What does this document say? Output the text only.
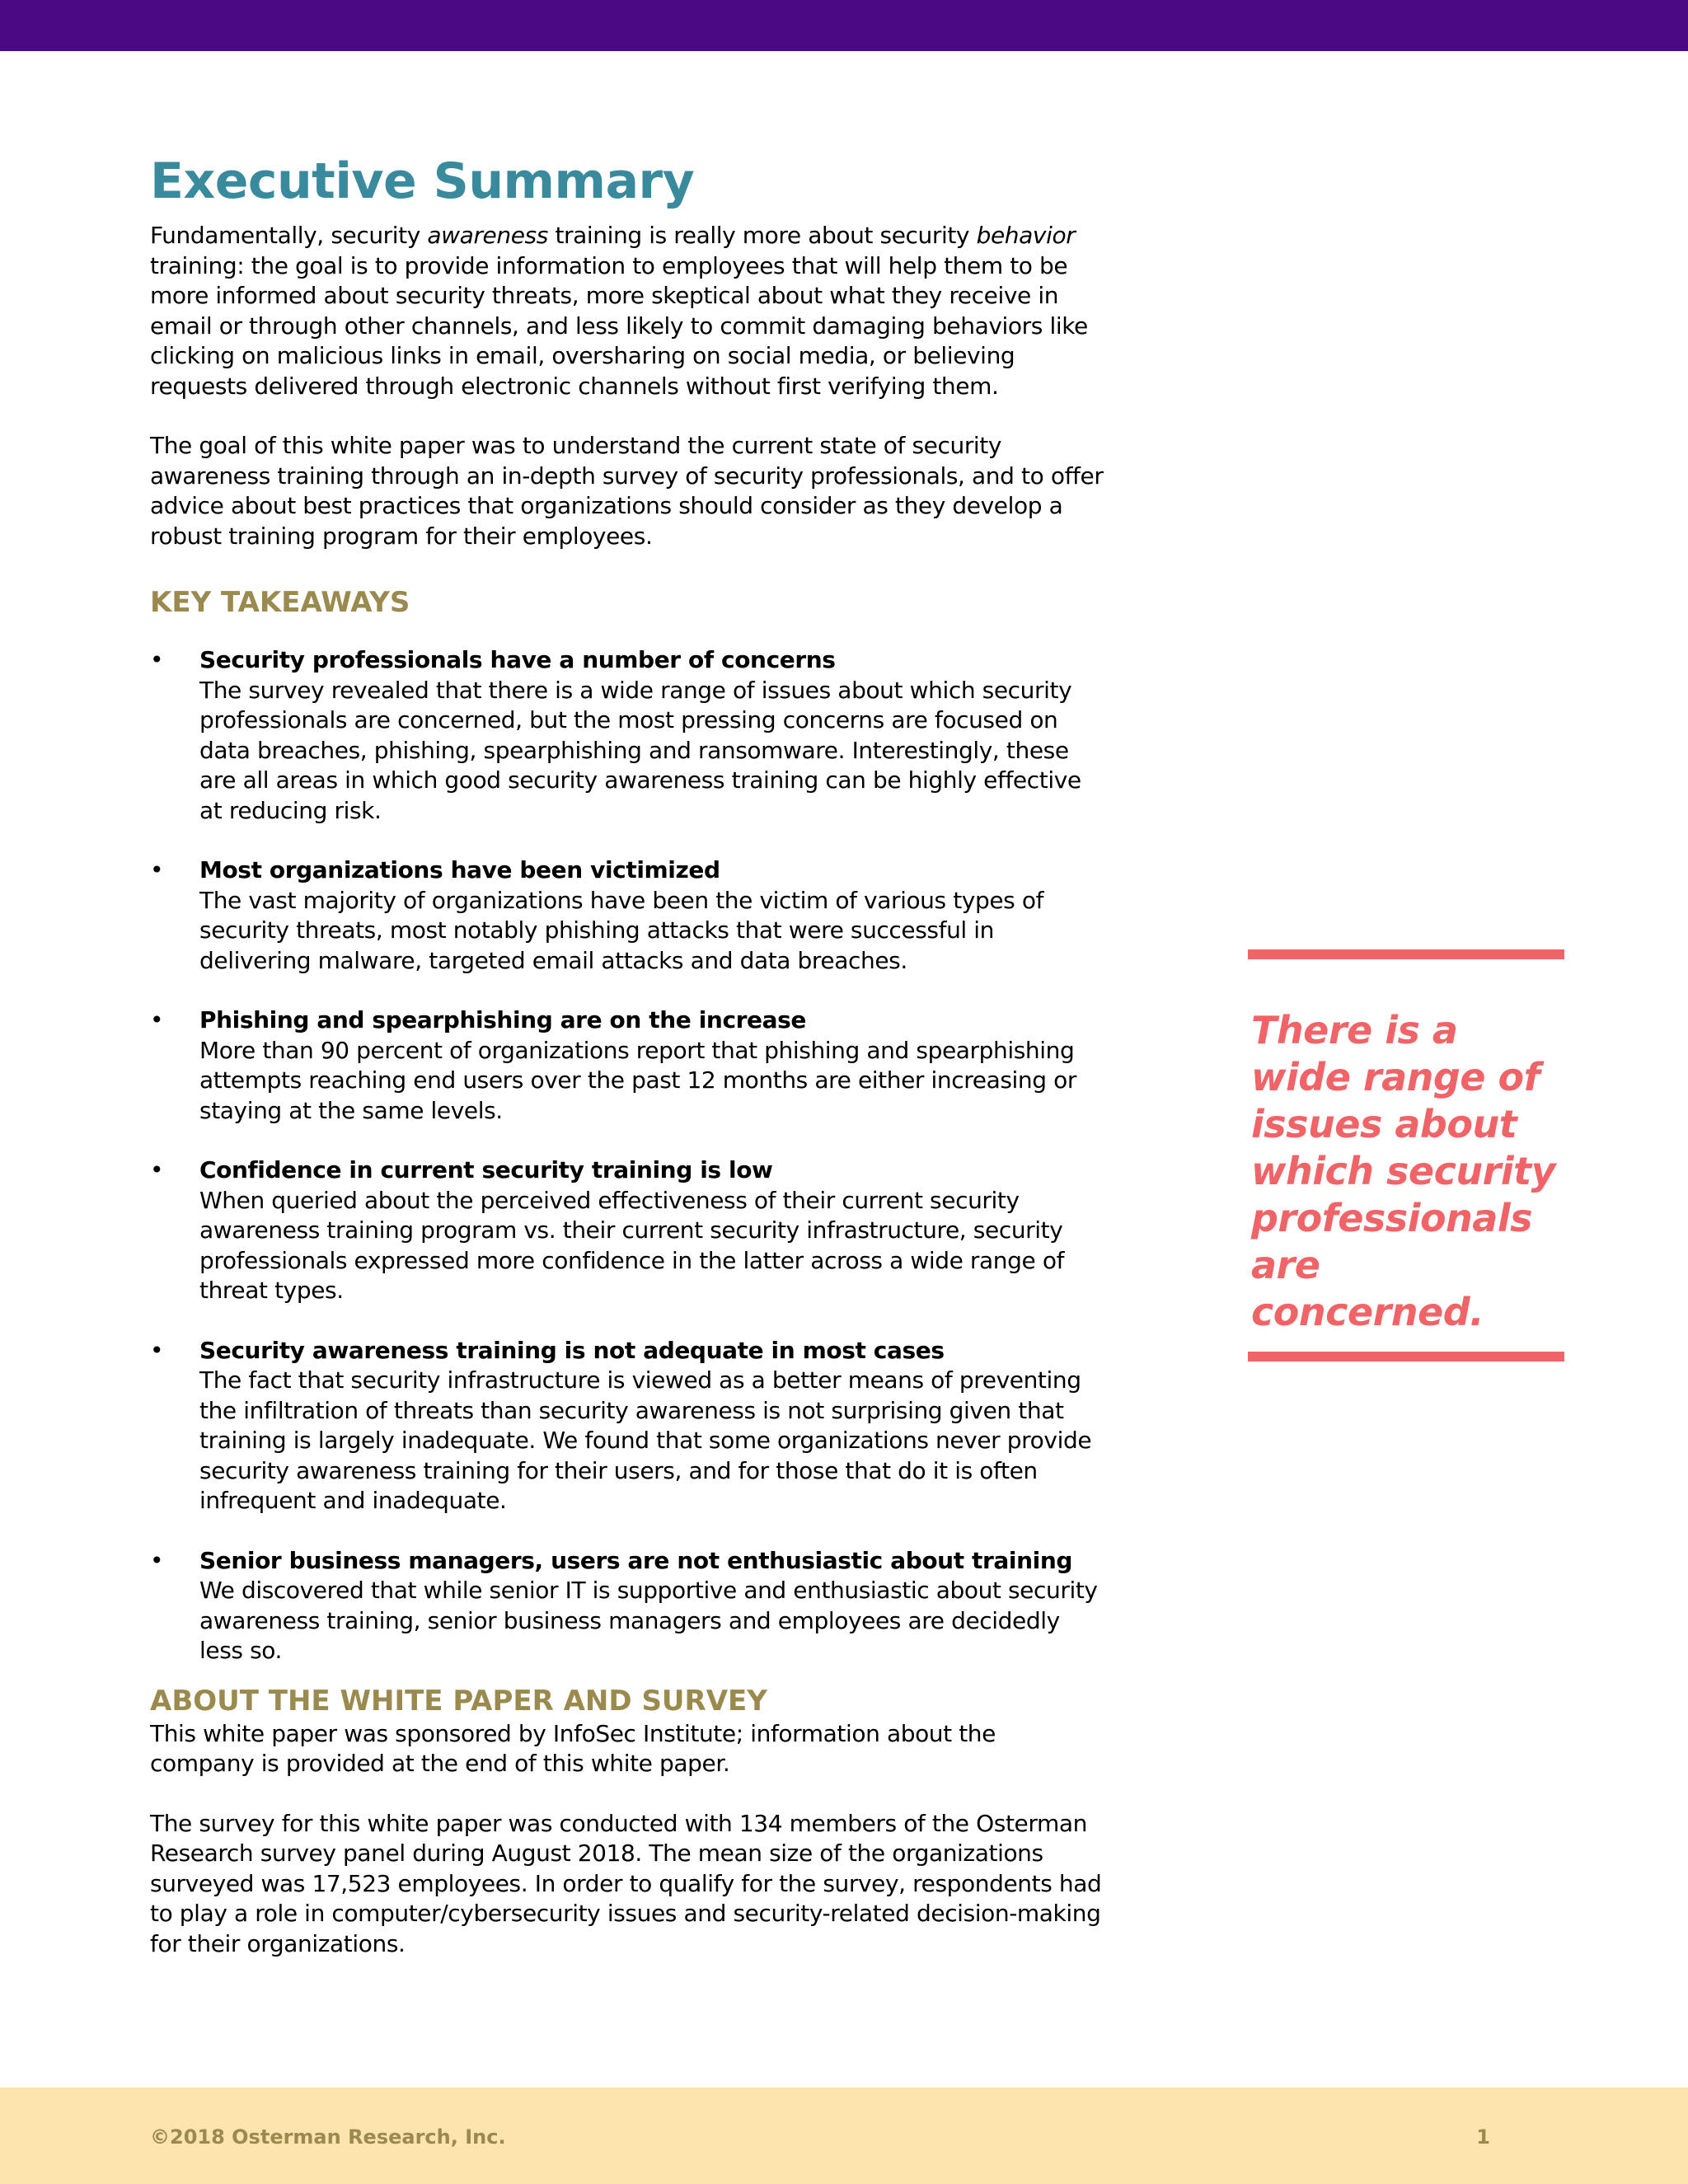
Executive Summary

Fundamentally, security awareness training is really more about security behavior training: the goal is to provide information to employees that will help them to be more informed about security threats, more skeptical about what they receive in email or through other channels, and less likely to commit damaging behaviors like clicking on malicious links in email, oversharing on social media, or believing requests delivered through electronic channels without first verifying them.

The goal of this white paper was to understand the current state of security awareness training through an in-depth survey of security professionals, and to offer advice about best practices that organizations should consider as they develop a robust training program for their employees.

KEY TAKEAWAYS
• Security professionals have a number of concerns
The survey revealed that there is a wide range of issues about which security professionals are concerned, but the most pressing concerns are focused on data breaches, phishing, spearphishing and ransomware. Interestingly, these are all areas in which good security awareness training can be highly effective at reducing risk.
• Most organizations have been victimized
The vast majority of organizations have been the victim of various types of security threats, most notably phishing attacks that were successful in delivering malware, targeted email attacks and data breaches.
• Phishing and spearphishing are on the increase
More than 90 percent of organizations report that phishing and spearphishing attempts reaching end users over the past 12 months are either increasing or staying at the same levels.
• Confidence in current security training is low
When queried about the perceived effectiveness of their current security awareness training program vs. their current security infrastructure, security professionals expressed more confidence in the latter across a wide range of threat types.
• Security awareness training is not adequate in most cases
The fact that security infrastructure is viewed as a better means of preventing the infiltration of threats than security awareness is not surprising given that training is largely inadequate. We found that some organizations never provide security awareness training for their users, and for those that do it is often infrequent and inadequate.
• Senior business managers, users are not enthusiastic about training
We discovered that while senior IT is supportive and enthusiastic about security awareness training, senior business managers and employees are decidedly less so.
ABOUT THE WHITE PAPER AND SURVEY

This white paper was sponsored by InfoSec Institute; information about the company is provided at the end of this white paper.

The survey for this white paper was conducted with 134 members of the Osterman Research survey panel during August 2018. The mean size of the organizations surveyed was 17,523 employees. In order to qualify for the survey, respondents had to play a role in computer/cybersecurity issues and security-related decision-making for their organizations.

There is a wide range of issues about which security professionals are concerned.
©2018 Osterman Research, Inc.	1
